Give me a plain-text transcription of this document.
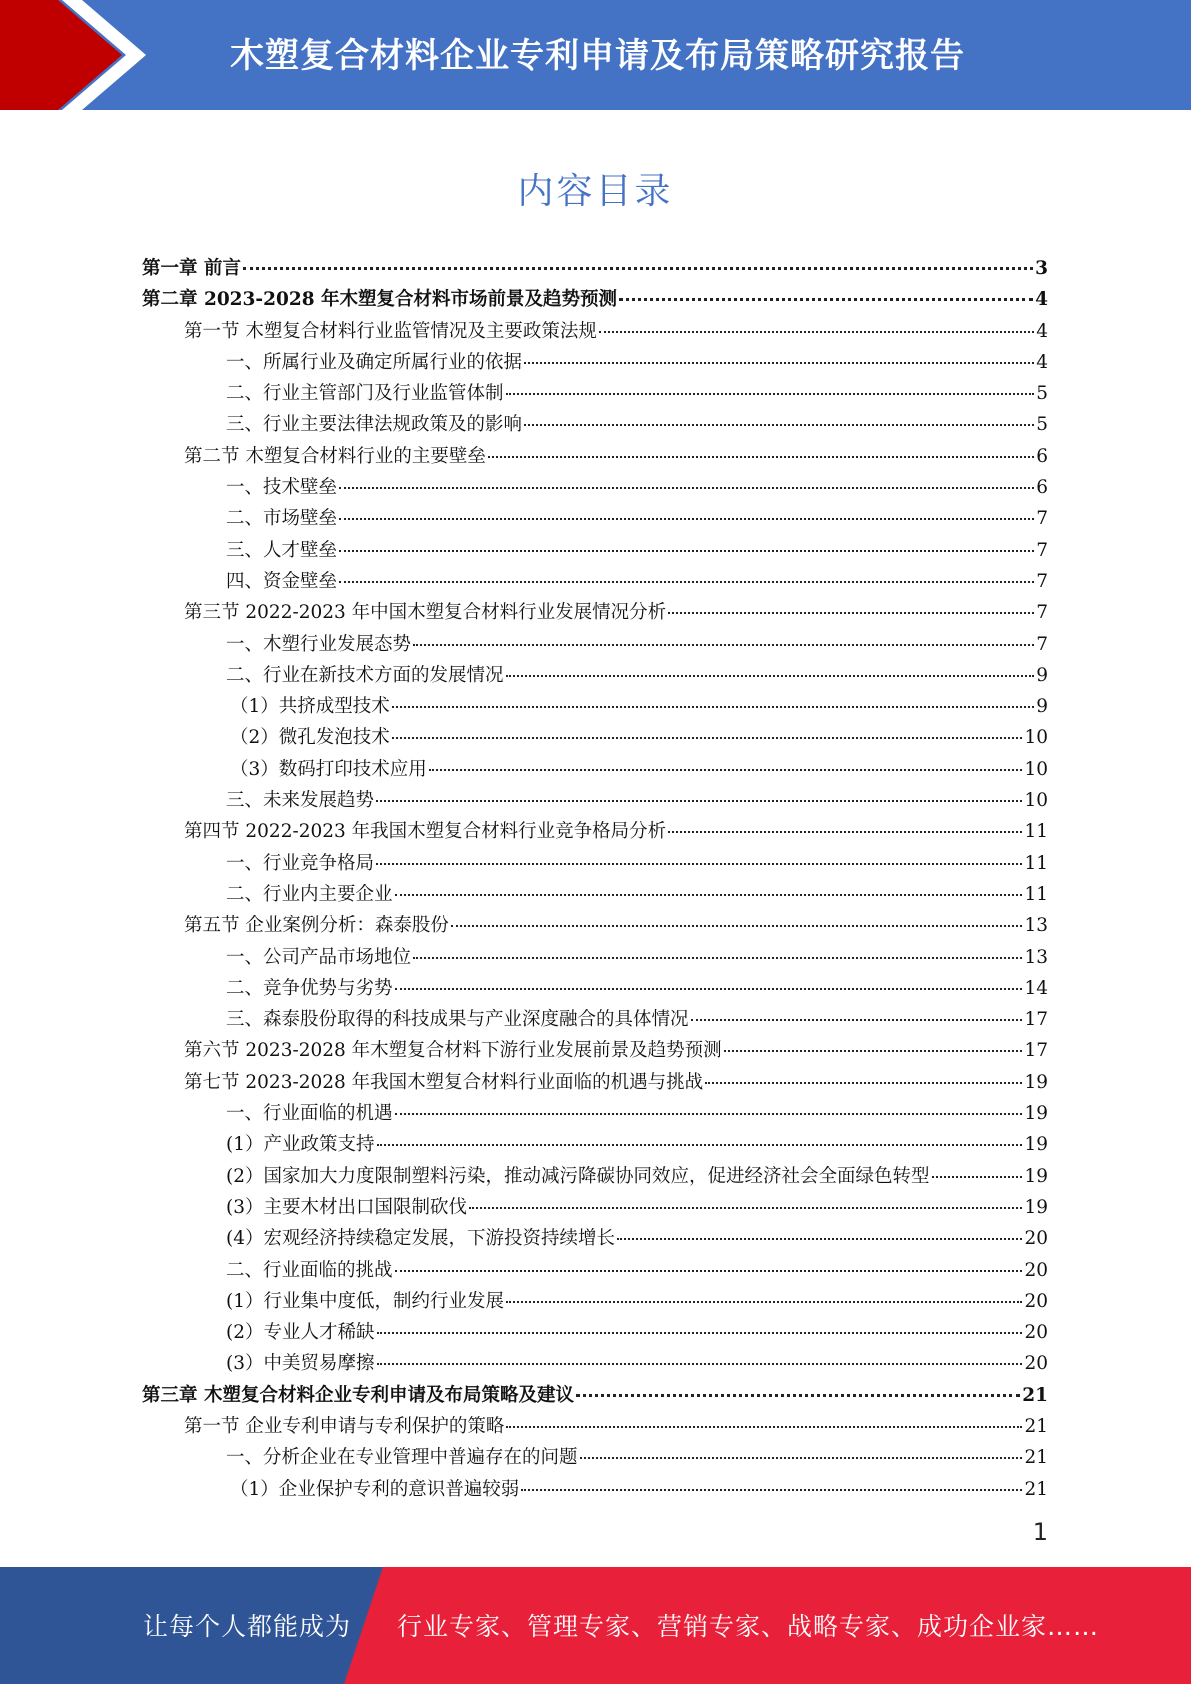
木塑复合材料企业专利申请及布局策略研究报告
内容目录
第一章 前言	3
第二章 2023-2028 年木塑复合材料市场前景及趋势预测	4
第一节 木塑复合材料行业监管情况及主要政策法规	4
一、所属行业及确定所属行业的依据	4
二、行业主管部门及行业监管体制	5
三、行业主要法律法规政策及的影响	5
第二节 木塑复合材料行业的主要壁垒	6
一、技术壁垒	6
二、市场壁垒	7
三、人才壁垒	7
四、资金壁垒	7
第三节 2022-2023 年中国木塑复合材料行业发展情况分析	7
一、木塑行业发展态势	7
二、行业在新技术方面的发展情况	9
（1）共挤成型技术	9
（2）微孔发泡技术	10
（3）数码打印技术应用	10
三、未来发展趋势	10
第四节 2022-2023 年我国木塑复合材料行业竞争格局分析	11
一、行业竞争格局	11
二、行业内主要企业	11
第五节 企业案例分析：森泰股份	13
一、公司产品市场地位	13
二、竞争优势与劣势	14
三、森泰股份取得的科技成果与产业深度融合的具体情况	17
第六节 2023-2028 年木塑复合材料下游行业发展前景及趋势预测	17
第七节 2023-2028 年我国木塑复合材料行业面临的机遇与挑战	19
一、行业面临的机遇	19
(1）产业政策支持	19
(2）国家加大力度限制塑料污染，推动减污降碳协同效应，促进经济社会全面绿色转型	19
(3）主要木材出口国限制砍伐	19
(4）宏观经济持续稳定发展，下游投资持续增长	20
二、行业面临的挑战	20
(1）行业集中度低，制约行业发展	20
(2）专业人才稀缺	20
(3）中美贸易摩擦	20
第三章 木塑复合材料企业专利申请及布局策略及建议	21
第一节 企业专利申请与专利保护的策略	21
一、分析企业在专业管理中普遍存在的问题	21
（1）企业保护专利的意识普遍较弱	21
1
让每个人都能成为 行业专家、管理专家、营销专家、战略专家、成功企业家……
